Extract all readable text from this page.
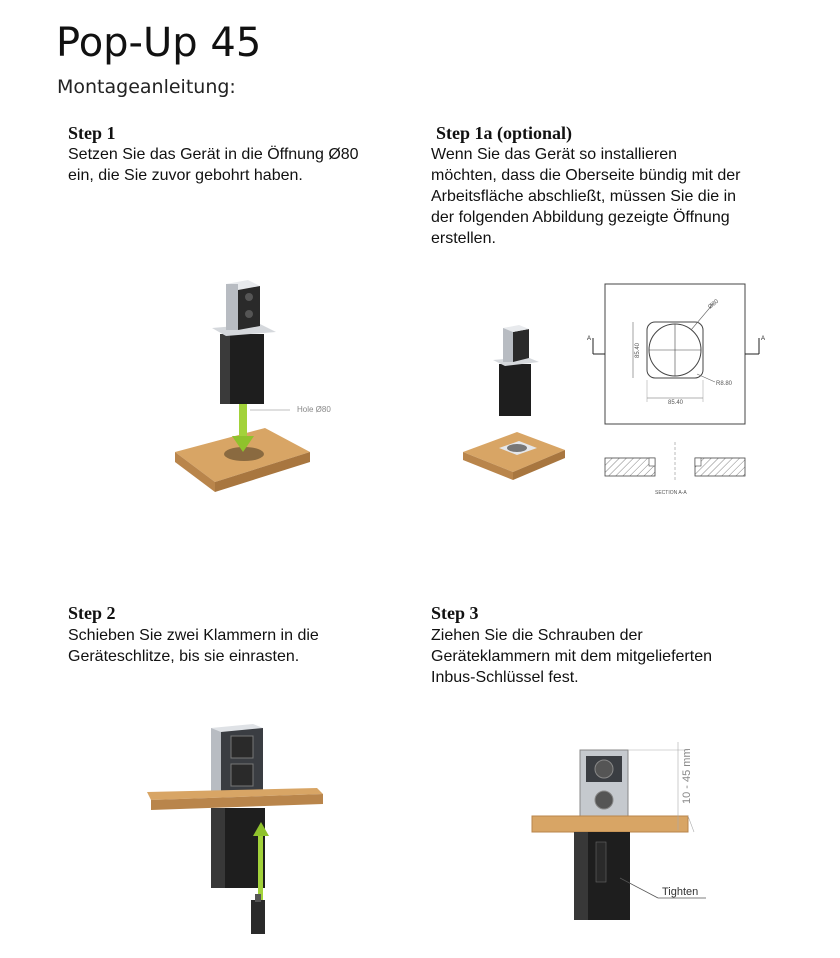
Pop-Up 45
Montageanleitung:
Step 1
Setzen Sie das Gerät in die Öffnung Ø80
ein, die Sie zuvor gebohrt haben.
Hole Ø80
Step 1a (optional)
Wenn Sie das Gerät so installieren
möchten, dass die Oberseite bündig mit der
Arbeitsfläche abschließt, müssen Sie die in
der folgenden Abbildung gezeigte Öffnung
erstellen.
Ø80
R8.80
85.40
85.40
A	A
SECTION A-A
Step 2
Schieben Sie zwei Klammern in die
Geräteschlitze, bis sie einrasten.
Step 3
Ziehen Sie die Schrauben der
Geräteklammern mit dem mitgelieferten
Inbus-Schlüssel fest.
10 - 45 mm
Tighten
